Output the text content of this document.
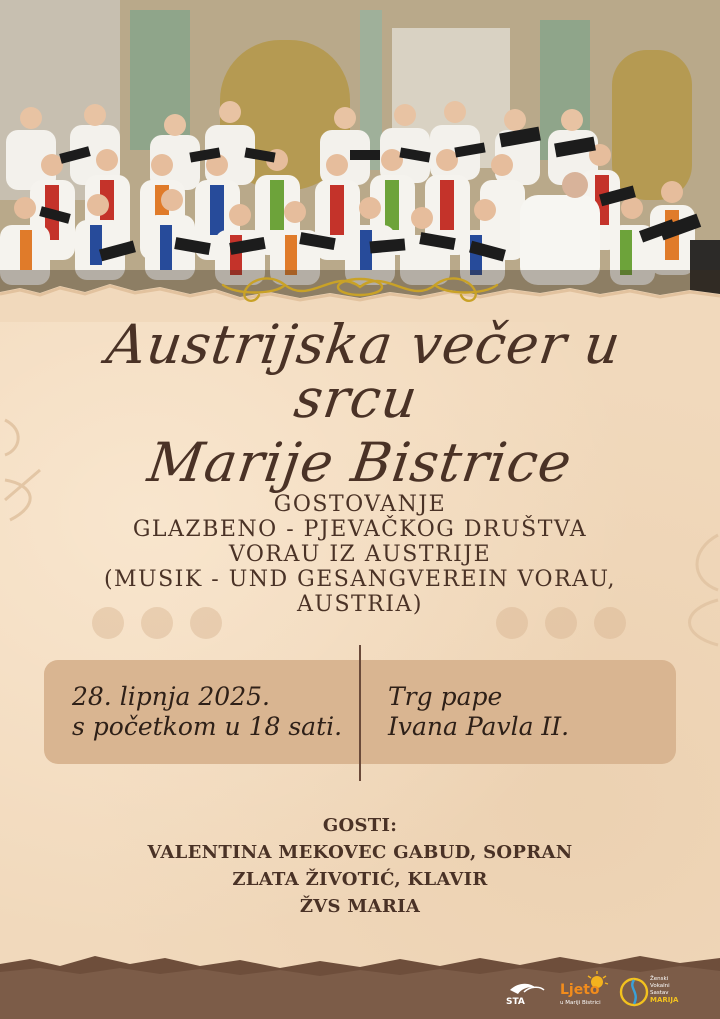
Austrijska večer u srcu
Marije Bistrice
GOSTOVANJE
GLAZBENO - PJEVAČKOG DRUŠTVA
VORAU IZ AUSTRIJE
(MUSIK - UND GESANGVEREIN VORAU,
AUSTRIA)
28. lipnja 2025.
s početkom u 18 sati.
Trg pape
Ivana Pavla II.
GOSTI:
VALENTINA MEKOVEC GABUD, SOPRAN
ZLATA ŽIVOTIĆ, KLAVIR
ŽVS MARIA
STA
Ljeto
u Mariji Bistrici
Ženski
Vokalni
Sastav
MARIJA
